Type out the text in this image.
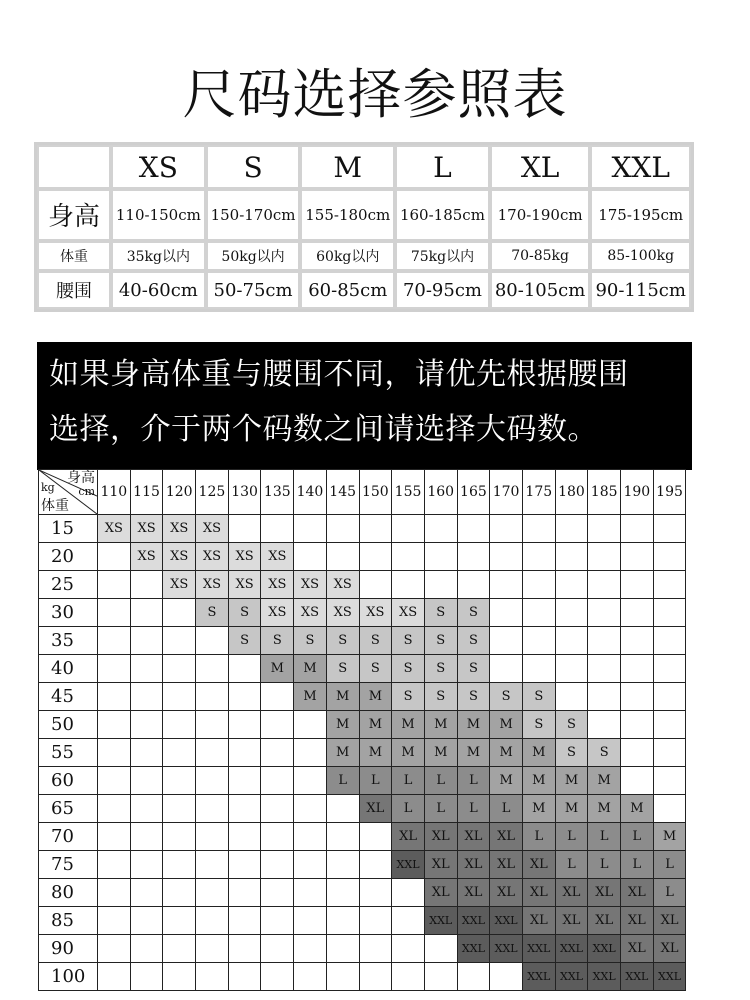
尺码选择参照表
	XS	S	M	L	XL	XXL
身高	110-150cm	150-170cm	155-180cm	160-185cm	170-190cm	175-195cm
体重	35kg以内	50kg以内	60kg以内	75kg以内	70-85kg	85-100kg
腰围	40-60cm	50-75cm	60-85cm	70-95cm	80-105cm	90-115cm
如果身高体重与腰围不同，请优先根据腰围
选择，介于两个码数之间请选择大码数。
身高
cm
kg
体重	110	115	120	125	130	135	140	145	150	155	160	165	170	175	180	185	190	195
15	XS	XS	XS	XS														
20		XS	XS	XS	XS	XS												
25			XS	XS	XS	XS	XS	XS										
30				S	S	XS	XS	XS	XS	XS	S	S						
35					S	S	S	S	S	S	S	S						
40						M	M	S	S	S	S	S						
45							M	M	M	S	S	S	S	S				
50								M	M	M	M	M	M	S	S			
55								M	M	M	M	M	M	M	S	S		
60								L	L	L	L	L	M	M	M	M		
65									XL	L	L	L	L	M	M	M	M	
70										XL	XL	XL	XL	L	L	L	L	M
75										XXL	XL	XL	XL	XL	L	L	L	L
80											XL	XL	XL	XL	XL	XL	XL	L
85											XXL	XXL	XXL	XL	XL	XL	XL	XL
90												XXL	XXL	XXL	XXL	XXL	XL	XL
100														XXL	XXL	XXL	XXL	XXL
